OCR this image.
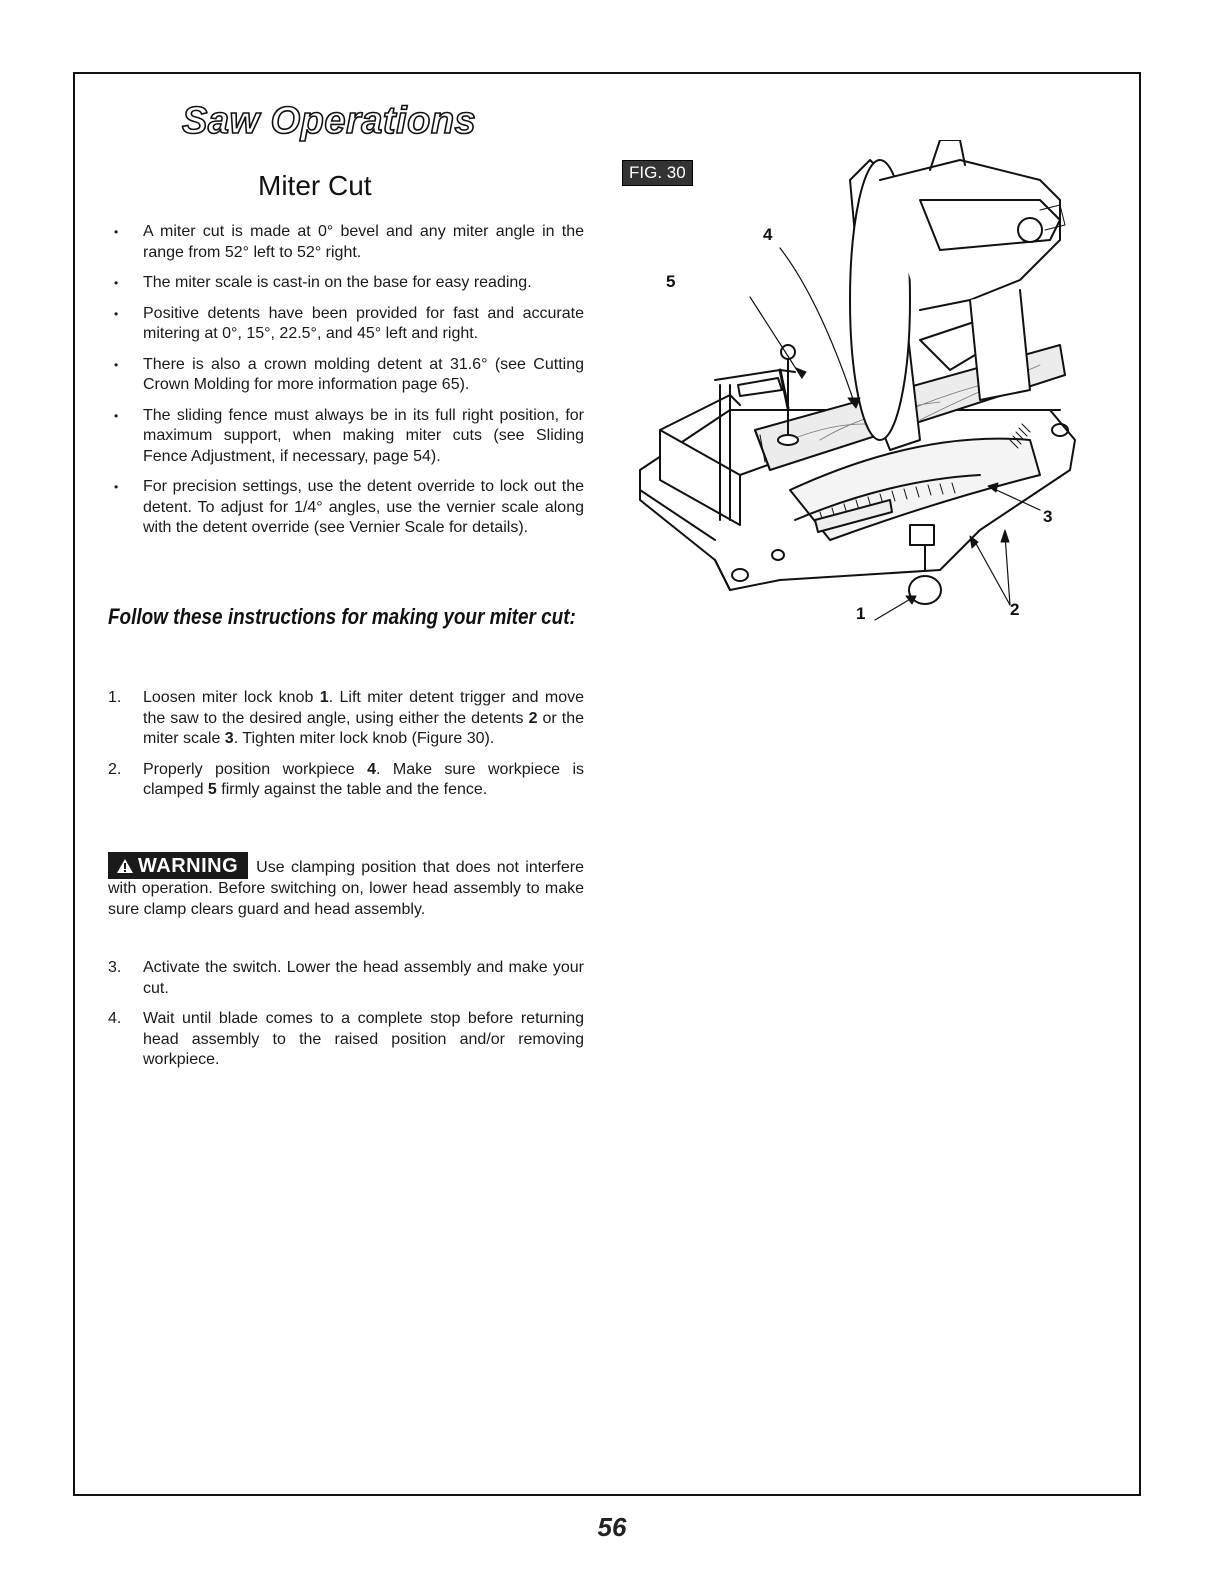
Saw Operations
Miter Cut
• A miter cut is made at 0° bevel and any miter angle in the range from 52° left to 52° right.
• The miter scale is cast-in on the base for easy reading.
• Positive detents have been provided for fast and accurate mitering at 0°, 15°, 22.5°, and 45° left and right.
• There is also a crown molding detent at 31.6° (see Cutting Crown Molding for more information page 65).
• The sliding fence must always be in its full right position, for maximum support, when making miter cuts (see Sliding Fence Adjustment, if necessary, page 54).
• For precision settings, use the detent override to lock out the detent. To adjust for 1/4° angles, use the vernier scale along with the detent override (see Vernier Scale for details).
Follow these instructions for making your miter cut:
1. Loosen miter lock knob 1. Lift miter detent trigger and move the saw to the desired angle, using either the detents 2 or the miter scale 3. Tighten miter lock knob (Figure 30).
2. Properly position workpiece 4. Make sure workpiece is clamped 5 firmly against the table and the fence.
WARNING Use clamping position that does not interfere with operation. Before switching on, lower head assembly to make sure clamp clears guard and head assembly.
3. Activate the switch. Lower the head assembly and make your cut.
4. Wait until blade comes to a complete stop before returning head assembly to the raised position and/or removing workpiece.
FIG. 30
4
5
3
1	2
56
